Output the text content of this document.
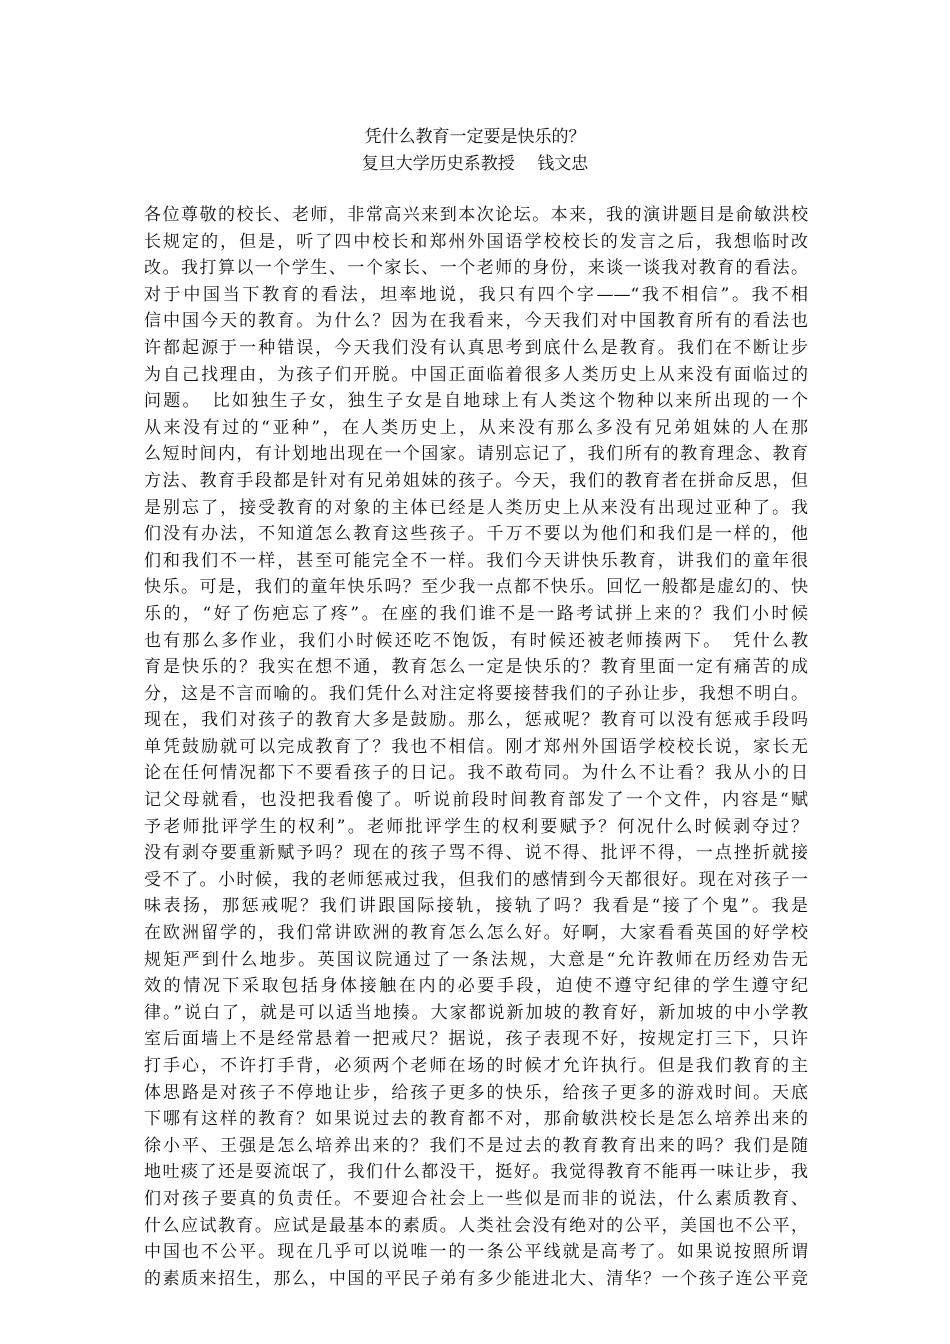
凭什么教育一定要是快乐的？
复旦大学历史系教授　 钱文忠
各位尊敬的校长、老师，非常高兴来到本次论坛。本来，我的演讲题目是俞敏洪校
长规定的，但是，听了四中校长和郑州外国语学校校长的发言之后，我想临时改
改。我打算以一个学生、一个家长、一个老师的身份，来谈一谈我对教育的看法。
对于中国当下教育的看法，坦率地说，我只有四个字——“我不相信”。我不相
信中国今天的教育。为什么？因为在我看来，今天我们对中国教育所有的看法也
许都起源于一种错误，今天我们没有认真思考到底什么是教育。我们在不断让步
为自己找理由，为孩子们开脱。中国正面临着很多人类历史上从来没有面临过的
问题。　比如独生子女，独生子女是自地球上有人类这个物种以来所出现的一个
从来没有过的“亚种”，在人类历史上，从来没有那么多没有兄弟姐妹的人在那
么短时间内，有计划地出现在一个国家。请别忘记了，我们所有的教育理念、教育
方法、教育手段都是针对有兄弟姐妹的孩子。今天，我们的教育者在拼命反思，但
是别忘了，接受教育的对象的主体已经是人类历史上从来没有出现过亚种了。我
们没有办法，不知道怎么教育这些孩子。千万不要以为他们和我们是一样的，他
们和我们不一样，甚至可能完全不一样。我们今天讲快乐教育，讲我们的童年很
快乐。可是，我们的童年快乐吗？至少我一点都不快乐。回忆一般都是虚幻的、快
乐的，“好了伤疤忘了疼”。在座的我们谁不是一路考试拼上来的？我们小时候
也有那么多作业，我们小时候还吃不饱饭，有时候还被老师揍两下。　凭什么教
育是快乐的？我实在想不通，教育怎么一定是快乐的？教育里面一定有痛苦的成
分，这是不言而喻的。我们凭什么对注定将要接替我们的子孙让步，我想不明白。
现在，我们对孩子的教育大多是鼓励。那么，惩戒呢？教育可以没有惩戒手段吗
单凭鼓励就可以完成教育了？我也不相信。刚才郑州外国语学校校长说，家长无
论在任何情况都下不要看孩子的日记。我不敢苟同。为什么不让看？我从小的日
记父母就看，也没把我看傻了。听说前段时间教育部发了一个文件，内容是“赋
予老师批评学生的权利”。老师批评学生的权利要赋予？何况什么时候剥夺过？
没有剥夺要重新赋予吗？现在的孩子骂不得、说不得、批评不得，一点挫折就接
受不了。小时候，我的老师惩戒过我，但我们的感情到今天都很好。现在对孩子一
味表扬，那惩戒呢？我们讲跟国际接轨，接轨了吗？我看是“接了个鬼”。我是
在欧洲留学的，我们常讲欧洲的教育怎么怎么好。好啊，大家看看英国的好学校
规矩严到什么地步。英国议院通过了一条法规，大意是“允许教师在历经劝告无
效的情况下采取包括身体接触在内的必要手段，迫使不遵守纪律的学生遵守纪
律。”说白了，就是可以适当地揍。大家都说新加坡的教育好，新加坡的中小学教
室后面墙上不是经常悬着一把戒尺？据说，孩子表现不好，按规定打三下，只许
打手心，不许打手背，必须两个老师在场的时候才允许执行。但是我们教育的主
体思路是对孩子不停地让步，给孩子更多的快乐，给孩子更多的游戏时间。天底
下哪有这样的教育？如果说过去的教育都不对，那俞敏洪校长是怎么培养出来的
徐小平、王强是怎么培养出来的？我们不是过去的教育教育出来的吗？我们是随
地吐痰了还是耍流氓了，我们什么都没干，挺好。我觉得教育不能再一味让步，我
们对孩子要真的负责任。不要迎合社会上一些似是而非的说法，什么素质教育、
什么应试教育。应试是最基本的素质。人类社会没有绝对的公平，美国也不公平，
中国也不公平。现在几乎可以说唯一的一条公平线就是高考了。如果说按照所谓
的素质来招生，那么，中国的平民子弟有多少能进北大、清华？一个孩子连公平竞
